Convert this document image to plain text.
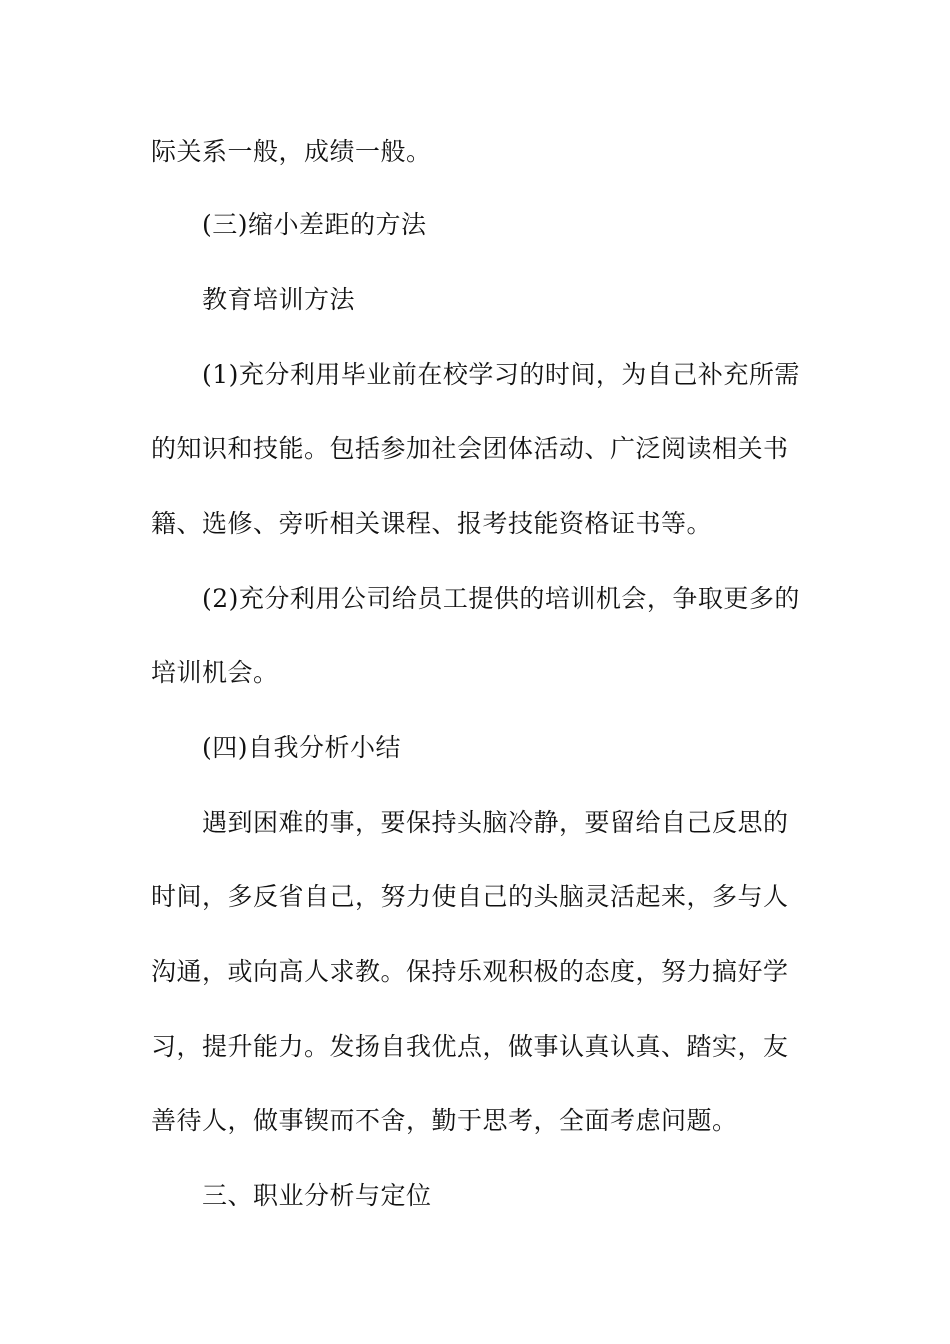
际关系一般，成绩一般。
(三)缩小差距的方法
教育培训方法
(1)充分利用毕业前在校学习的时间，为自己补充所需
的知识和技能。包括参加社会团体活动、广泛阅读相关书
籍、选修、旁听相关课程、报考技能资格证书等。
(2)充分利用公司给员工提供的培训机会，争取更多的
培训机会。
(四)自我分析小结
遇到困难的事，要保持头脑冷静，要留给自己反思的
时间，多反省自己，努力使自己的头脑灵活起来，多与人
沟通，或向高人求教。保持乐观积极的态度，努力搞好学
习，提升能力。发扬自我优点，做事认真认真、踏实，友
善待人，做事锲而不舍，勤于思考，全面考虑问题。
三、职业分析与定位
